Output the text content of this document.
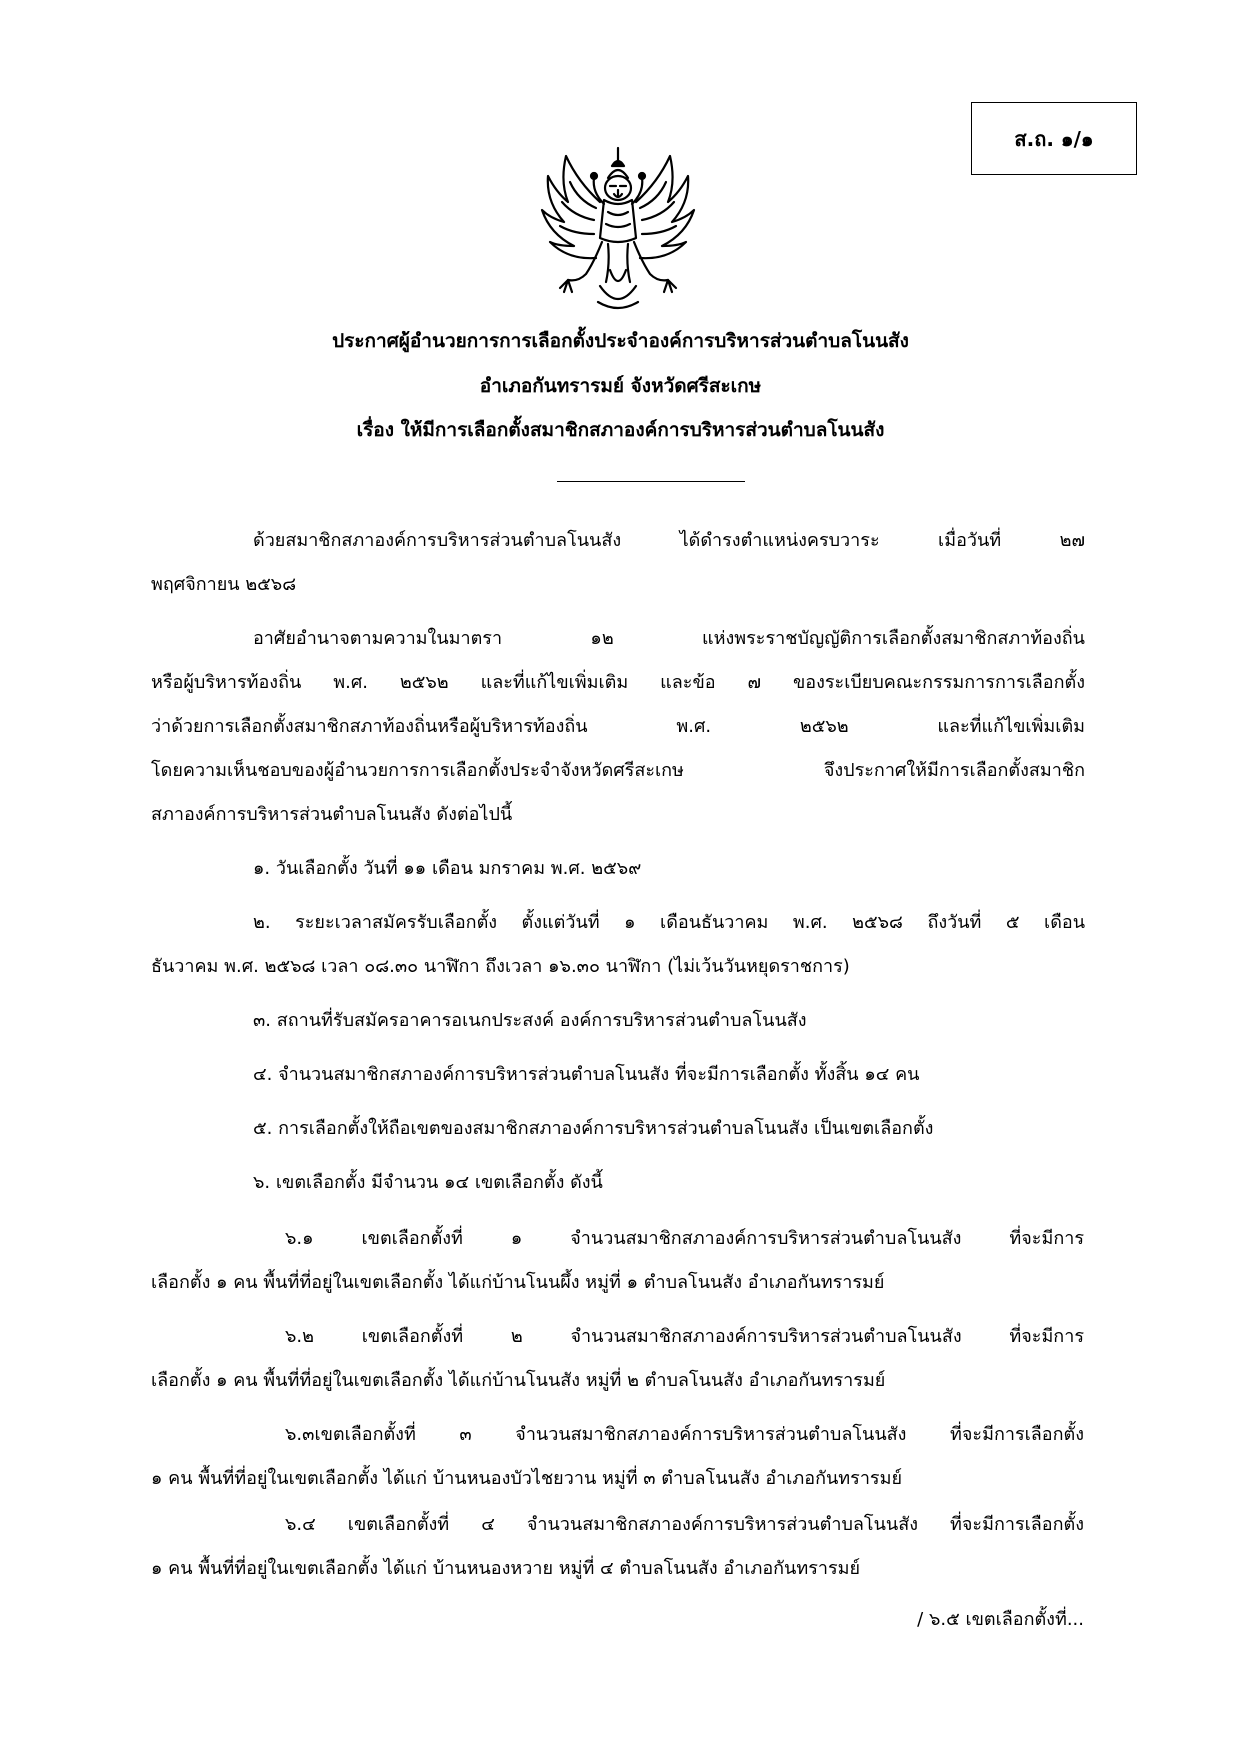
ส.ถ. ๑/๑
ประกาศผู้อำนวยการการเลือกตั้งประจำองค์การบริหารส่วนตำบลโนนสัง
อำเภอกันทรารมย์ จังหวัดศรีสะเกษ
เรื่อง ให้มีการเลือกตั้งสมาชิกสภาองค์การบริหารส่วนตำบลโนนสัง
ด้วยสมาชิกสภาองค์การบริหารส่วนตำบลโนนสัง ได้ดำรงตำแหน่งครบวาระ เมื่อวันที่ ๒๗
พฤศจิกายน ๒๕๖๘
อาศัยอำนาจตามความในมาตรา ๑๒ แห่งพระราชบัญญัติการเลือกตั้งสมาชิกสภาท้องถิ่น
หรือผู้บริหารท้องถิ่น พ.ศ. ๒๕๖๒ และที่แก้ไขเพิ่มเติม และข้อ ๗ ของระเบียบคณะกรรมการการเลือกตั้ง
ว่าด้วยการเลือกตั้งสมาชิกสภาท้องถิ่นหรือผู้บริหารท้องถิ่น พ.ศ. ๒๕๖๒ และที่แก้ไขเพิ่มเติม
โดยความเห็นชอบของผู้อำนวยการการเลือกตั้งประจำจังหวัดศรีสะเกษ จึงประกาศให้มีการเลือกตั้งสมาชิก
สภาองค์การบริหารส่วนตำบลโนนสัง ดังต่อไปนี้
๑. วันเลือกตั้ง วันที่ ๑๑ เดือน มกราคม พ.ศ. ๒๕๖๙
๒. ระยะเวลาสมัครรับเลือกตั้ง ตั้งแต่วันที่ ๑ เดือนธันวาคม พ.ศ. ๒๕๖๘ ถึงวันที่ ๕ เดือน
ธันวาคม พ.ศ. ๒๕๖๘ เวลา ๐๘.๓๐ นาฬิกา ถึงเวลา ๑๖.๓๐ นาฬิกา (ไม่เว้นวันหยุดราชการ)
๓. สถานที่รับสมัครอาคารอเนกประสงค์ องค์การบริหารส่วนตำบลโนนสัง
๔. จำนวนสมาชิกสภาองค์การบริหารส่วนตำบลโนนสัง ที่จะมีการเลือกตั้ง ทั้งสิ้น ๑๔ คน
๕. การเลือกตั้งให้ถือเขตของสมาชิกสภาองค์การบริหารส่วนตำบลโนนสัง เป็นเขตเลือกตั้ง
๖. เขตเลือกตั้ง มีจำนวน ๑๔ เขตเลือกตั้ง ดังนี้
๖.๑ เขตเลือกตั้งที่ ๑ จำนวนสมาชิกสภาองค์การบริหารส่วนตำบลโนนสัง ที่จะมีการ
เลือกตั้ง ๑ คน พื้นที่ที่อยู่ในเขตเลือกตั้ง ได้แก่บ้านโนนผึ้ง หมู่ที่ ๑ ตำบลโนนสัง อำเภอกันทรารมย์
๖.๒ เขตเลือกตั้งที่ ๒ จำนวนสมาชิกสภาองค์การบริหารส่วนตำบลโนนสัง ที่จะมีการ
เลือกตั้ง ๑ คน พื้นที่ที่อยู่ในเขตเลือกตั้ง ได้แก่บ้านโนนสัง หมู่ที่ ๒ ตำบลโนนสัง อำเภอกันทรารมย์
๖.๓เขตเลือกตั้งที่ ๓ จำนวนสมาชิกสภาองค์การบริหารส่วนตำบลโนนสัง ที่จะมีการเลือกตั้ง
๑ คน พื้นที่ที่อยู่ในเขตเลือกตั้ง ได้แก่ บ้านหนองบัวไชยวาน หมู่ที่ ๓ ตำบลโนนสัง อำเภอกันทรารมย์
๖.๔ เขตเลือกตั้งที่ ๔ จำนวนสมาชิกสภาองค์การบริหารส่วนตำบลโนนสัง ที่จะมีการเลือกตั้ง
๑ คน พื้นที่ที่อยู่ในเขตเลือกตั้ง ได้แก่ บ้านหนองหวาย หมู่ที่ ๔ ตำบลโนนสัง อำเภอกันทรารมย์
/ ๖.๕ เขตเลือกตั้งที่...
